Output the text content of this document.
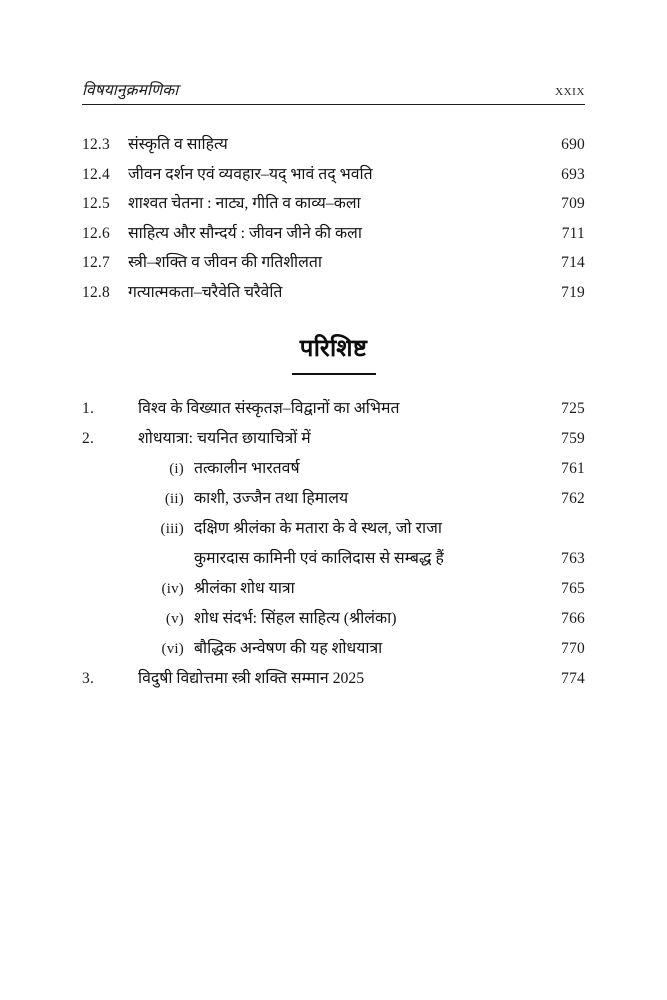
विषयानुक्रमणिका	xxix
12.3	संस्कृति व साहित्य	690
12.4	जीवन दर्शन एवं व्यवहार–यद् भावं तद् भवति	693
12.5	शाश्वत चेतना : नाट्य, गीति व काव्य–कला	709
12.6	साहित्य और सौन्दर्य : जीवन जीने की कला	711
12.7	स्त्री–शक्ति व जीवन की गतिशीलता	714
12.8	गत्यात्मकता–चरैवेति चरैवेति	719
परिशिष्ट
1.	विश्व के विख्यात संस्कृतज्ञ–विद्वानों का अभिमत	725
2.	शोधयात्रा: चयनित छायाचित्रों में	759
(i) तत्कालीन भारतवर्ष	761
(ii) काशी, उज्जैन तथा हिमालय	762
(iii) दक्षिण श्रीलंका के मतारा के वे स्थल, जो राजा
कुमारदास कामिनी एवं कालिदास से सम्बद्ध हैं	763
(iv) श्रीलंका शोध यात्रा	765
(v) शोध संदर्भ: सिंहल साहित्य (श्रीलंका)	766
(vi) बौद्धिक अन्वेषण की यह शोधयात्रा	770
3.	विदुषी विद्योत्तमा स्त्री शक्ति सम्मान 2025	774
